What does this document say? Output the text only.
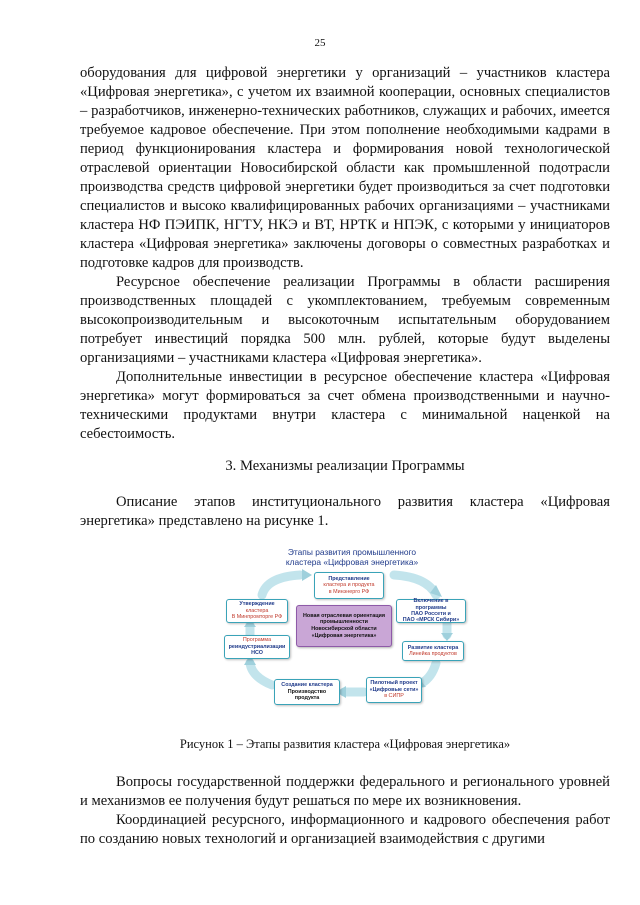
25

оборудования для цифровой энергетики у организаций – участников кластера «Цифровая энергетика», с учетом их взаимной кооперации, основных специалистов – разработчиков, инженерно-технических работников, служащих и рабочих, имеется требуемое кадровое обеспечение. При этом пополнение необходимыми кадрами в период функционирования кластера и формирования новой технологической отраслевой ориентации Новосибирской области как промышленной подотрасли производства средств цифровой энергетики будет производиться за счет подготовки специалистов и высоко квалифицированных рабочих организациями – участниками кластера НФ ПЭИПК, НГТУ, НКЭ и ВТ, НРТК и НПЭК, с которыми у инициаторов кластера «Цифровая энергетика» заключены договоры о совместных разработках и подготовке кадров для производств.

Ресурсное обеспечение реализации Программы в области расширения производственных площадей с укомплектованием, требуемым современным высокопроизводительным и высокоточным испытательным оборудованием потребует инвестиций порядка 500 млн. рублей, которые будут выделены организациями – участниками кластера «Цифровая энергетика».

Дополнительные инвестиции в ресурсное обеспечение кластера «Цифровая энергетика» могут формироваться за счет обмена производственными и научно-техническими продуктами внутри кластера с минимальной наценкой на себестоимость.

3. Механизмы реализации Программы

Описание этапов институционального развития кластера «Цифровая энергетика» представлено на рисунке 1.

Этапы развития промышленного
кластера «Цифровая энергетика»
Представление
кластера и продукта
в Минэнерго РФ
Включение в программы
ПАО Россети и
ПАО «МРСК Сибири»
Развитие кластера
Линейка продуктов
Пилотный проект
«Цифровые сети»
в СИПР
Создание кластера
Производство
продукта
Программа
реиндустриализации
НСО
Утверждение
кластера
В Минпромторге РФ	Новая отраслевая ориентация
промышленности
Новосибирской области
«Цифровая энергетика»
Рисунок 1 – Этапы развития кластера «Цифровая энергетика»

Вопросы государственной поддержки федерального и регионального уровней и механизмов ее получения будут решаться по мере их возникновения.

Координацией ресурсного, информационного и кадрового обеспечения работ по созданию новых технологий и организацией взаимодействия с другими
